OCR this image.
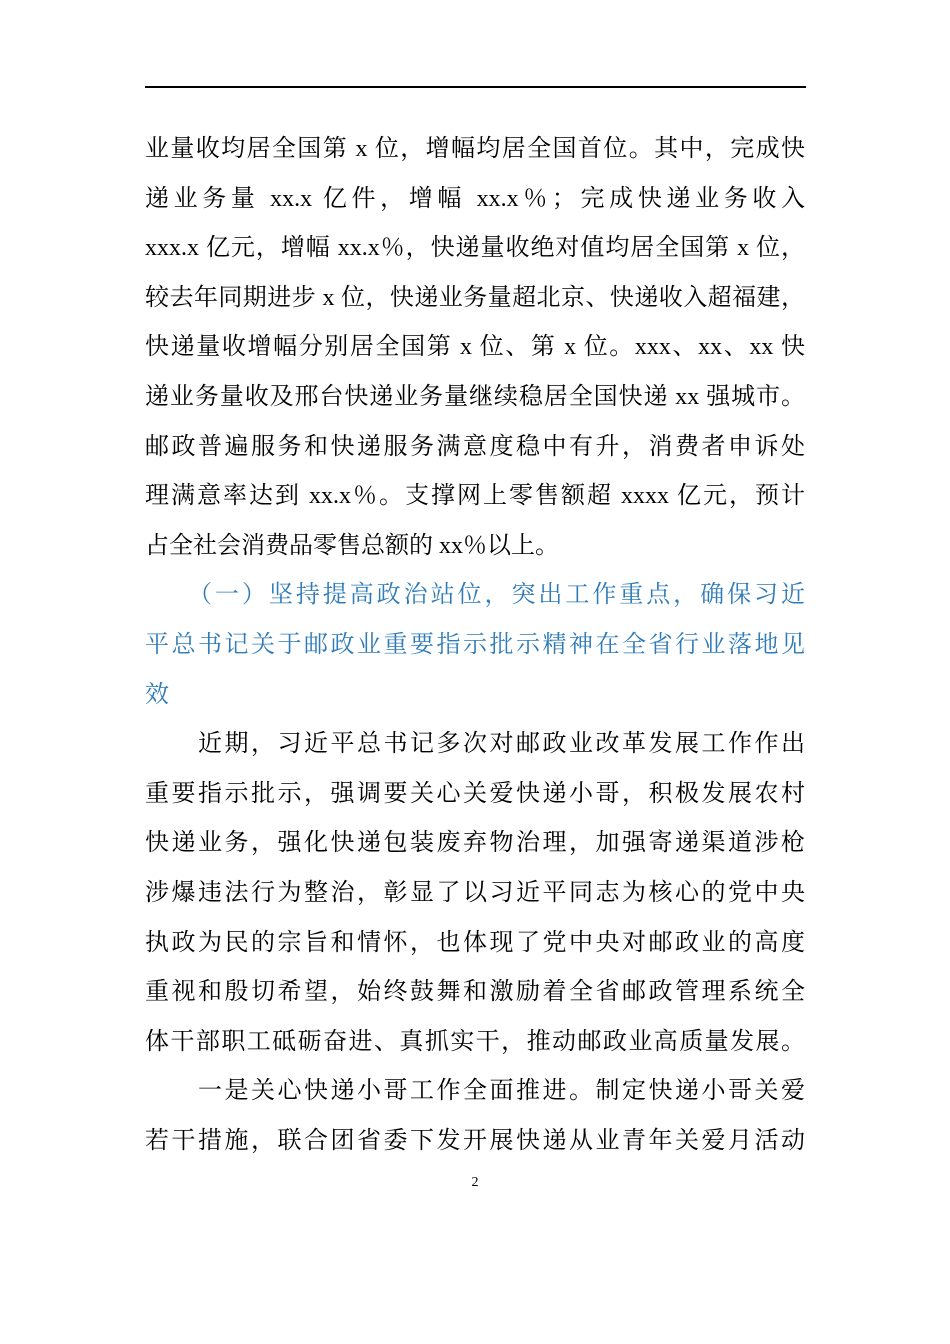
业量收均居全国第 x 位，增幅均居全国首位。其中，完成快
递业务量 xx.x 亿件，增幅 xx.x％；完成快递业务收入
xxx.x 亿元，增幅 xx.x％，快递量收绝对值均居全国第 x 位，
较去年同期进步 x 位，快递业务量超北京、快递收入超福建，
快递量收增幅分别居全国第 x 位、第 x 位。xxx、xx、xx 快
递业务量收及邢台快递业务量继续稳居全国快递 xx 强城市。
邮政普遍服务和快递服务满意度稳中有升，消费者申诉处
理满意率达到 xx.x％。支撑网上零售额超 xxxx 亿元，预计
占全社会消费品零售总额的 xx％以上。
（一）坚持提高政治站位，突出工作重点，确保习近
平总书记关于邮政业重要指示批示精神在全省行业落地见
效
近期，习近平总书记多次对邮政业改革发展工作作出
重要指示批示，强调要关心关爱快递小哥，积极发展农村
快递业务，强化快递包装废弃物治理，加强寄递渠道涉枪
涉爆违法行为整治，彰显了以习近平同志为核心的党中央
执政为民的宗旨和情怀，也体现了党中央对邮政业的高度
重视和殷切希望，始终鼓舞和激励着全省邮政管理系统全
体干部职工砥砺奋进、真抓实干，推动邮政业高质量发展。
一是关心快递小哥工作全面推进。制定快递小哥关爱
若干措施，联合团省委下发开展快递从业青年关爱月活动
2
